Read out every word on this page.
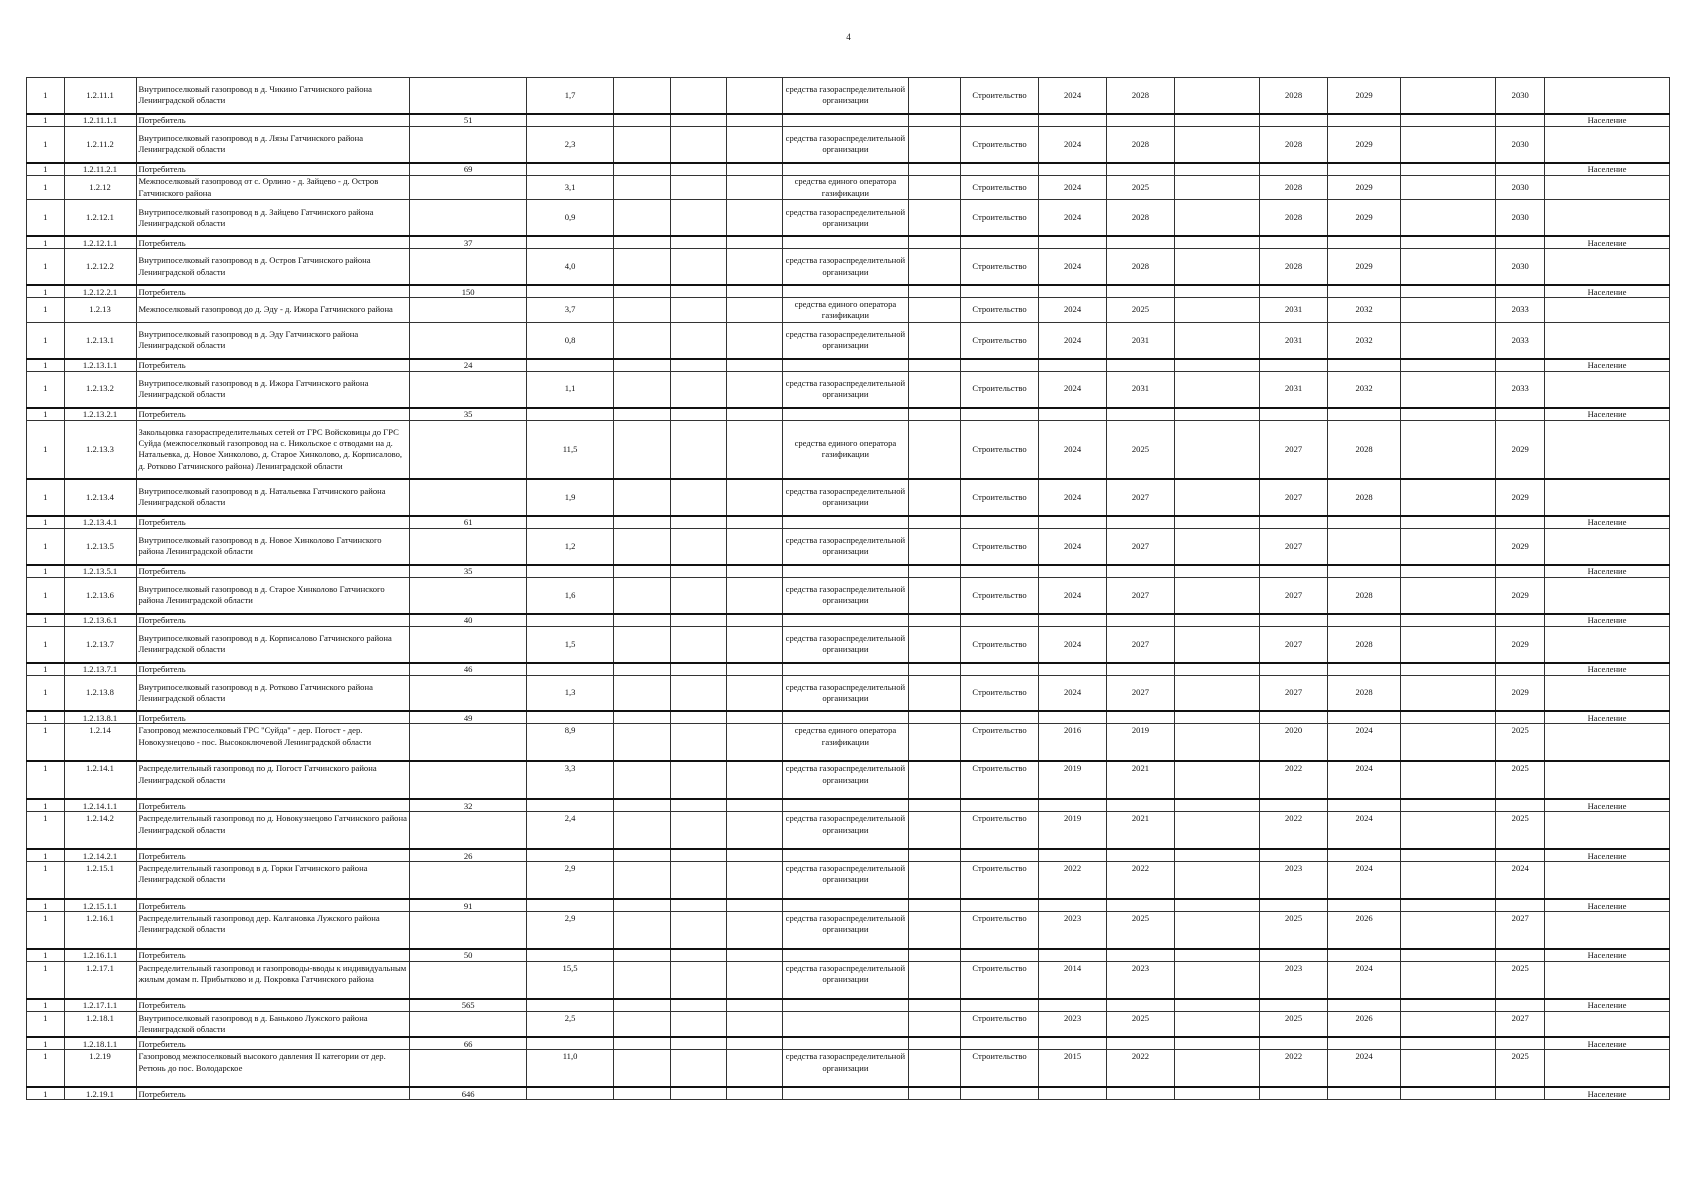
4
1	1.2.11.1	Внутрипоселковый газопровод в д. Чикино Гатчинского района Ленинградской области		1,7				средства газораспределительной организации		Строительство	2024	2028		2028	2029		2030	
1	1.2.11.1.1	Потребитель	51															Население
1	1.2.11.2	Внутрипоселковый газопровод в д. Лязы Гатчинского района Ленинградской области		2,3				средства газораспределительной организации		Строительство	2024	2028		2028	2029		2030	
1	1.2.11.2.1	Потребитель	69															Население
1	1.2.12	Межпоселковый газопровод от с. Орлино - д. Зайцево - д. Остров Гатчинского района		3,1				средства единого оператора газификации		Строительство	2024	2025		2028	2029		2030	
1	1.2.12.1	Внутрипоселковый газопровод в д. Зайцево Гатчинского района Ленинградской области		0,9				средства газораспределительной организации		Строительство	2024	2028		2028	2029		2030	
1	1.2.12.1.1	Потребитель	37															Население
1	1.2.12.2	Внутрипоселковый газопровод в д. Остров Гатчинского района Ленинградской области		4,0				средства газораспределительной организации		Строительство	2024	2028		2028	2029		2030	
1	1.2.12.2.1	Потребитель	150															Население
1	1.2.13	Межпоселковый газопровод до д. Эду - д. Ижора Гатчинского района		3,7				средства единого оператора газификации		Строительство	2024	2025		2031	2032		2033	
1	1.2.13.1	Внутрипоселковый газопровод в д. Эду Гатчинского района Ленинградской области		0,8				средства газораспределительной организации		Строительство	2024	2031		2031	2032		2033	
1	1.2.13.1.1	Потребитель	24															Население
1	1.2.13.2	Внутрипоселковый газопровод в д. Ижора Гатчинского района Ленинградской области		1,1				средства газораспределительной организации		Строительство	2024	2031		2031	2032		2033	
1	1.2.13.2.1	Потребитель	35															Население
1	1.2.13.3	Закольцовка газораспределительных сетей от ГРС Войсковицы до ГРС Суйда (межпоселковый газопровод на с. Никольское с отводами на д. Натальевка, д. Новое Хинколово, д. Старое Хинколово, д. Корписалово, д. Ротково Гатчинского района) Ленинградской области		11,5				средства единого оператора газификации		Строительство	2024	2025		2027	2028		2029	
1	1.2.13.4	Внутрипоселковый газопровод в д. Натальевка Гатчинского района Ленинградской области		1,9				средства газораспределительной организации		Строительство	2024	2027		2027	2028		2029	
1	1.2.13.4.1	Потребитель	61															Население
1	1.2.13.5	Внутрипоселковый газопровод в д. Новое Хинколово Гатчинского района Ленинградской области		1,2				средства газораспределительной организации		Строительство	2024	2027		2027			2029	
1	1.2.13.5.1	Потребитель	35															Население
1	1.2.13.6	Внутрипоселковый газопровод в д. Старое Хинколово Гатчинского района Ленинградской области		1,6				средства газораспределительной организации		Строительство	2024	2027		2027	2028		2029	
1	1.2.13.6.1	Потребитель	40															Население
1	1.2.13.7	Внутрипоселковый газопровод в д. Корписалово Гатчинского района Ленинградской области		1,5				средства газораспределительной организации		Строительство	2024	2027		2027	2028		2029	
1	1.2.13.7.1	Потребитель	46															Население
1	1.2.13.8	Внутрипоселковый газопровод в д. Ротково Гатчинского района Ленинградской области		1,3				средства газораспределительной организации		Строительство	2024	2027		2027	2028		2029	
1	1.2.13.8.1	Потребитель	49															Население
1	1.2.14	Газопровод межпоселковый ГРС "Суйда" - дер. Погост - дер. Новокузнецово - пос. Высокоключевой Ленинградской области		8,9				средства единого оператора газификации		Строительство	2016	2019		2020	2024		2025	
1	1.2.14.1	Распределительный газопровод по д. Погост Гатчинского района Ленинградской области		3,3				средства газораспределительной организации		Строительство	2019	2021		2022	2024		2025	
1	1.2.14.1.1	Потребитель	32															Население
1	1.2.14.2	Распределительный газопровод по д. Новокузнецово Гатчинского района Ленинградской области		2,4				средства газораспределительной организации		Строительство	2019	2021		2022	2024		2025	
1	1.2.14.2.1	Потребитель	26															Население
1	1.2.15.1	Распределительный газопровод в д. Горки Гатчинского района Ленинградской области		2,9				средства газораспределительной организации		Строительство	2022	2022		2023	2024		2024	
1	1.2.15.1.1	Потребитель	91															Население
1	1.2.16.1	Распределительный газопровод дер. Калгановка Лужского района Ленинградской области		2,9				средства газораспределительной организации		Строительство	2023	2025		2025	2026		2027	
1	1.2.16.1.1	Потребитель	50															Население
1	1.2.17.1	Распределительный газопровод и газопроводы-вводы к индивидуальным жилым домам п. Прибытково и д. Покровка Гатчинского района		15,5				средства газораспределительной организации		Строительство	2014	2023		2023	2024		2025	
1	1.2.17.1.1	Потребитель	565															Население
1	1.2.18.1	Внутрипоселковый газопровод в д. Баньково Лужского района Ленинградской области		2,5						Строительство	2023	2025		2025	2026		2027	
1	1.2.18.1.1	Потребитель	66															Население
1	1.2.19	Газопровод межпоселковый высокого давления II категории от дер. Ретюнь до пос. Володарское		11,0				средства газораспределительной организации		Строительство	2015	2022		2022	2024		2025	
1	1.2.19.1	Потребитель	646															Население
